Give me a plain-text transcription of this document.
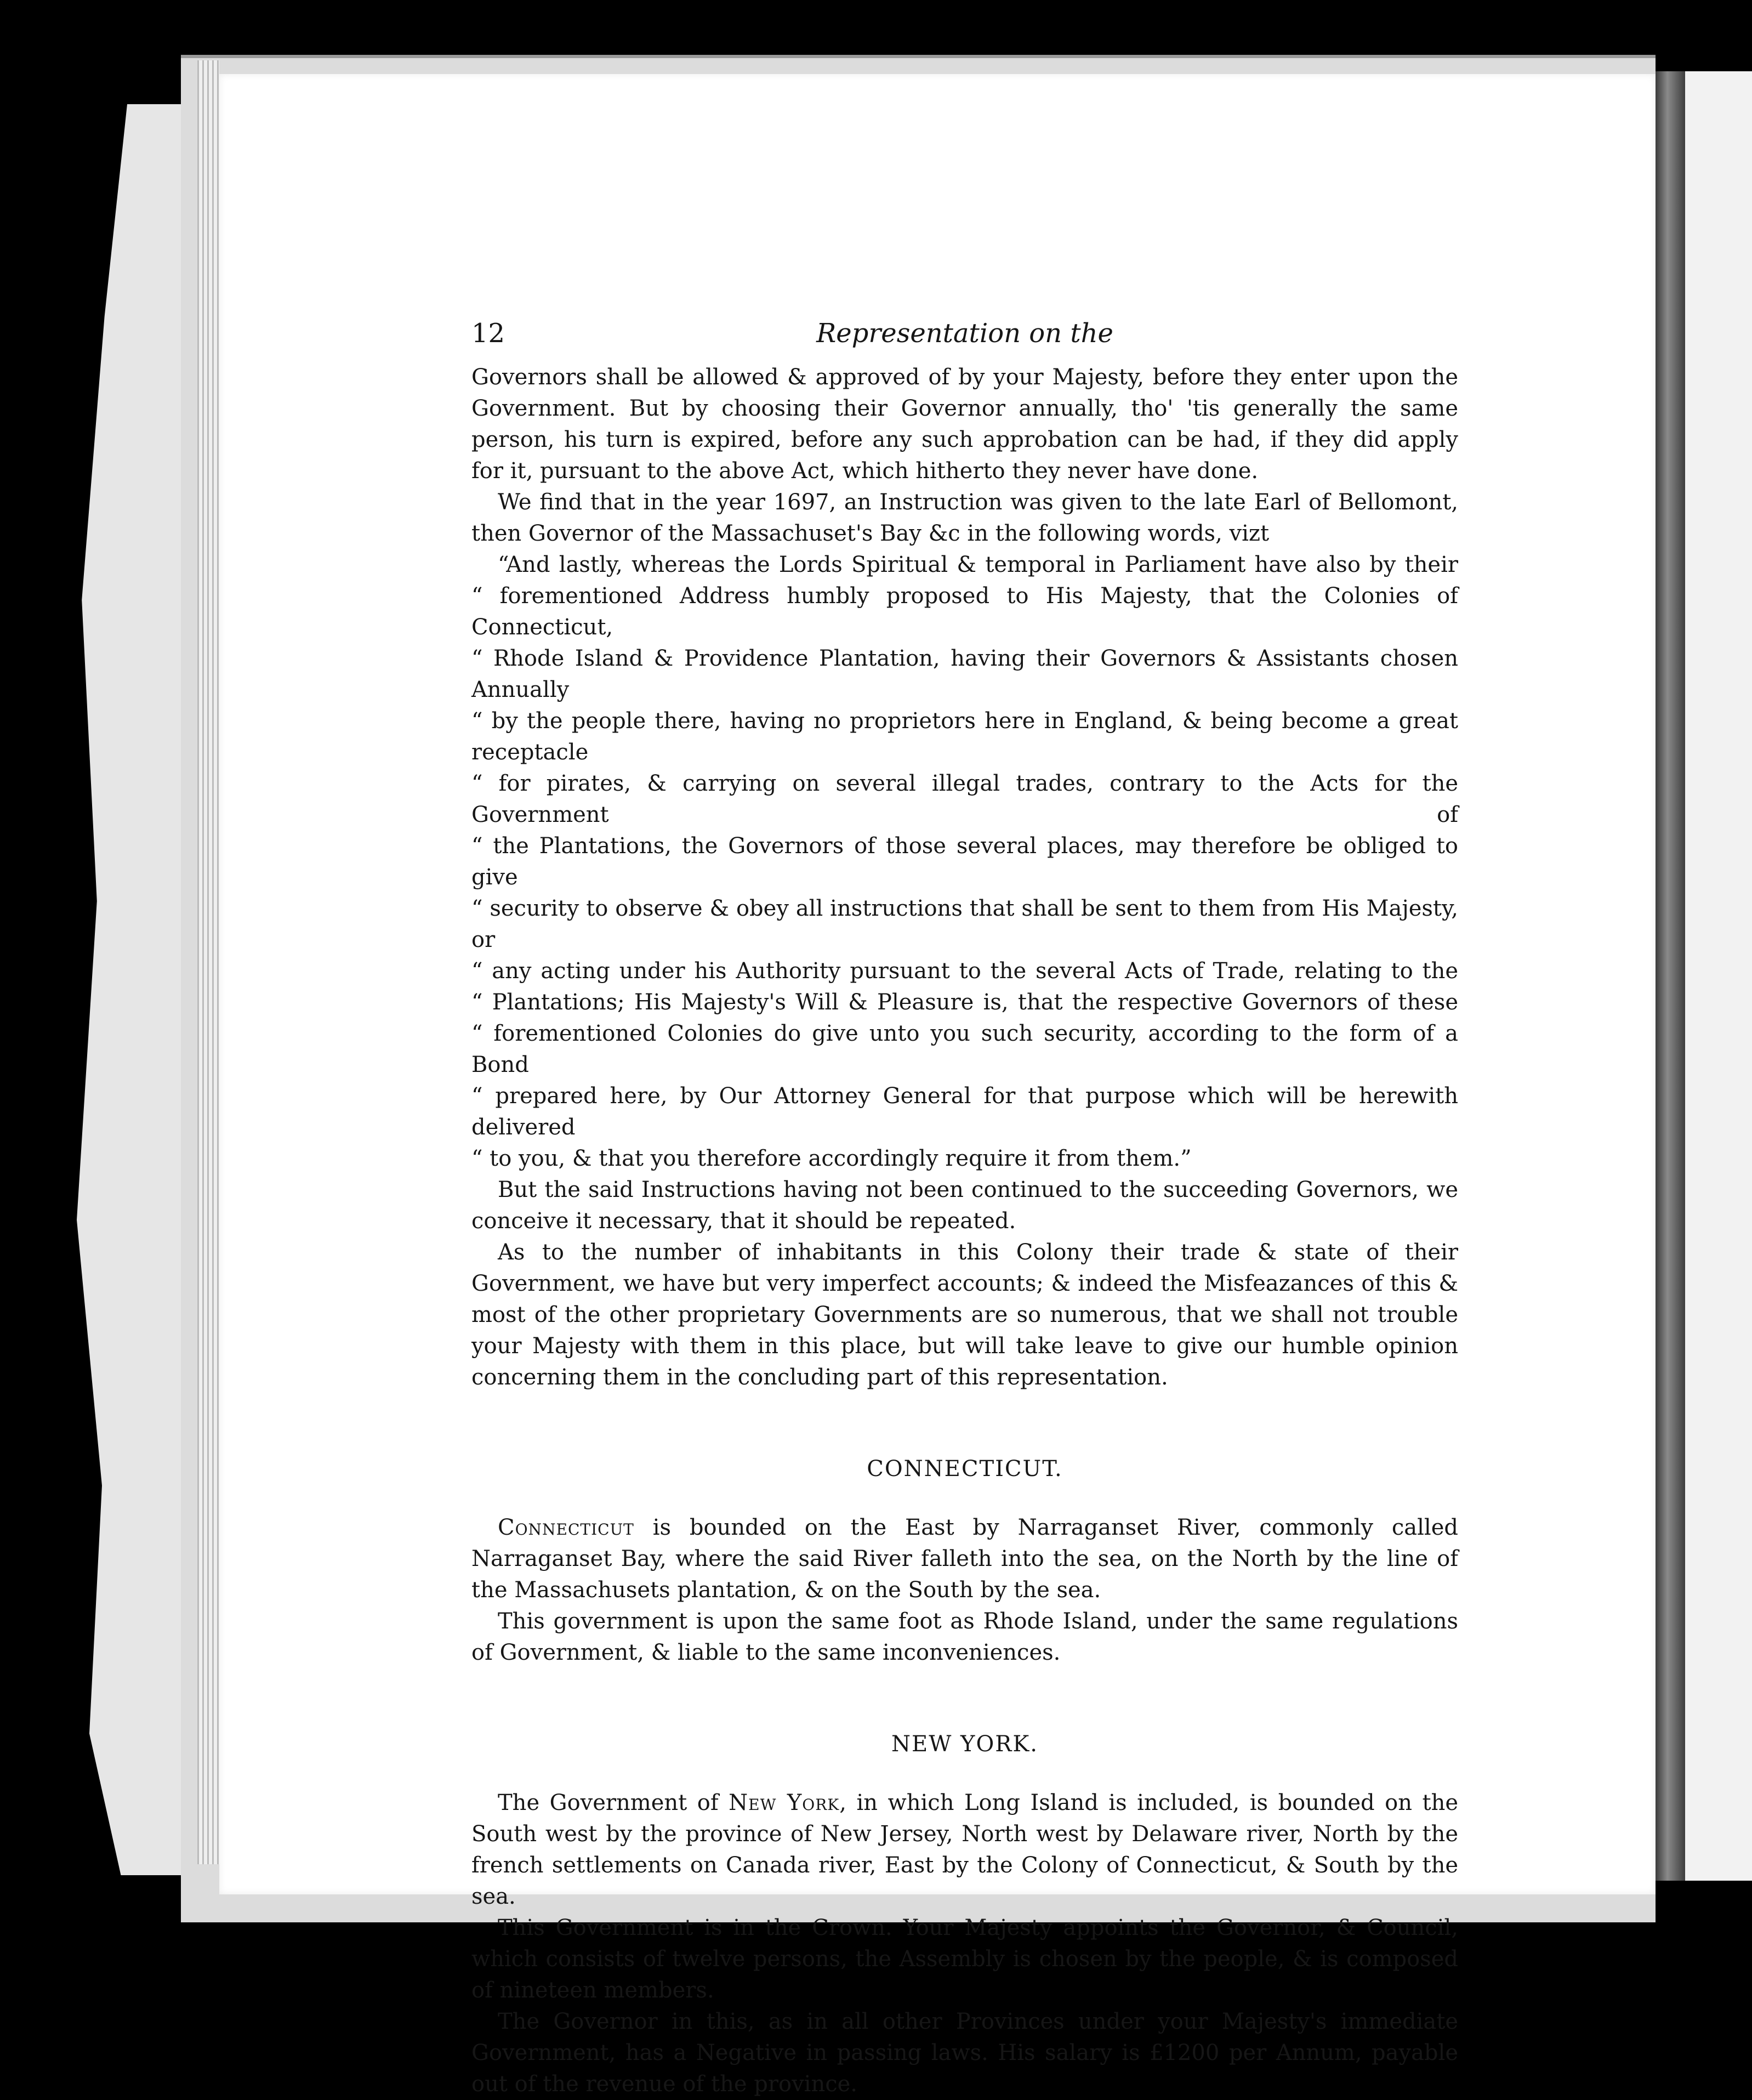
12	Representation on the

Governors shall be allowed & approved of by your Majesty, before they enter upon the Government. But by choosing their Governor annually, tho' 'tis generally the same person, his turn is expired, before any such approbation can be had, if they did apply for it, pursuant to the above Act, which hitherto they never have done.

We find that in the year 1697, an Instruction was given to the late Earl of Bellomont, then Governor of the Massachuset's Bay &c in the following words, vizt

“And lastly, whereas the Lords Spiritual & temporal in Parliament have also by their
“ forementioned Address humbly proposed to His Majesty, that the Colonies of Connecticut,
“ Rhode Island & Providence Plantation, having their Governors & Assistants chosen Annually
“ by the people there, having no proprietors here in England, & being become a great receptacle
“ for pirates, & carrying on several illegal trades, contrary to the Acts for the Government of
“ the Plantations, the Governors of those several places, may therefore be obliged to give
“ security to observe & obey all instructions that shall be sent to them from His Majesty, or
“ any acting under his Authority pursuant to the several Acts of Trade, relating to the
“ Plantations; His Majesty's Will & Pleasure is, that the respective Governors of these
“ forementioned Colonies do give unto you such security, according to the form of a Bond
“ prepared here, by Our Attorney General for that purpose which will be herewith delivered
“ to you, & that you therefore accordingly require it from them.”

But the said Instructions having not been continued to the succeeding Governors, we conceive it necessary, that it should be repeated.

As to the number of inhabitants in this Colony their trade & state of their Government, we have but very imperfect accounts; & indeed the Misfeazances of this & most of the other proprietary Governments are so numerous, that we shall not trouble your Majesty with them in this place, but will take leave to give our humble opinion concerning them in the concluding part of this representation.

CONNECTICUT.

Connecticut is bounded on the East by Narraganset River, commonly called Narraganset Bay, where the said River falleth into the sea, on the North by the line of the Massachusets plantation, & on the South by the sea.

This government is upon the same foot as Rhode Island, under the same regulations of Government, & liable to the same inconveniences.

NEW YORK.

The Government of New York, in which Long Island is included, is bounded on the South west by the province of New Jersey, North west by Delaware river, North by the french settlements on Canada river, East by the Colony of Connecticut, & South by the sea.

This Government is in the Crown. Your Majesty appoints the Governor, & Council, which consists of twelve persons, the Assembly is chosen by the people, & is composed of nineteen members.

The Governor in this, as in all other Provinces under your Majesty's immediate Government, has a Negative in passing laws. His salary is £1200 per Annum, payable out of the revenue of the province.
